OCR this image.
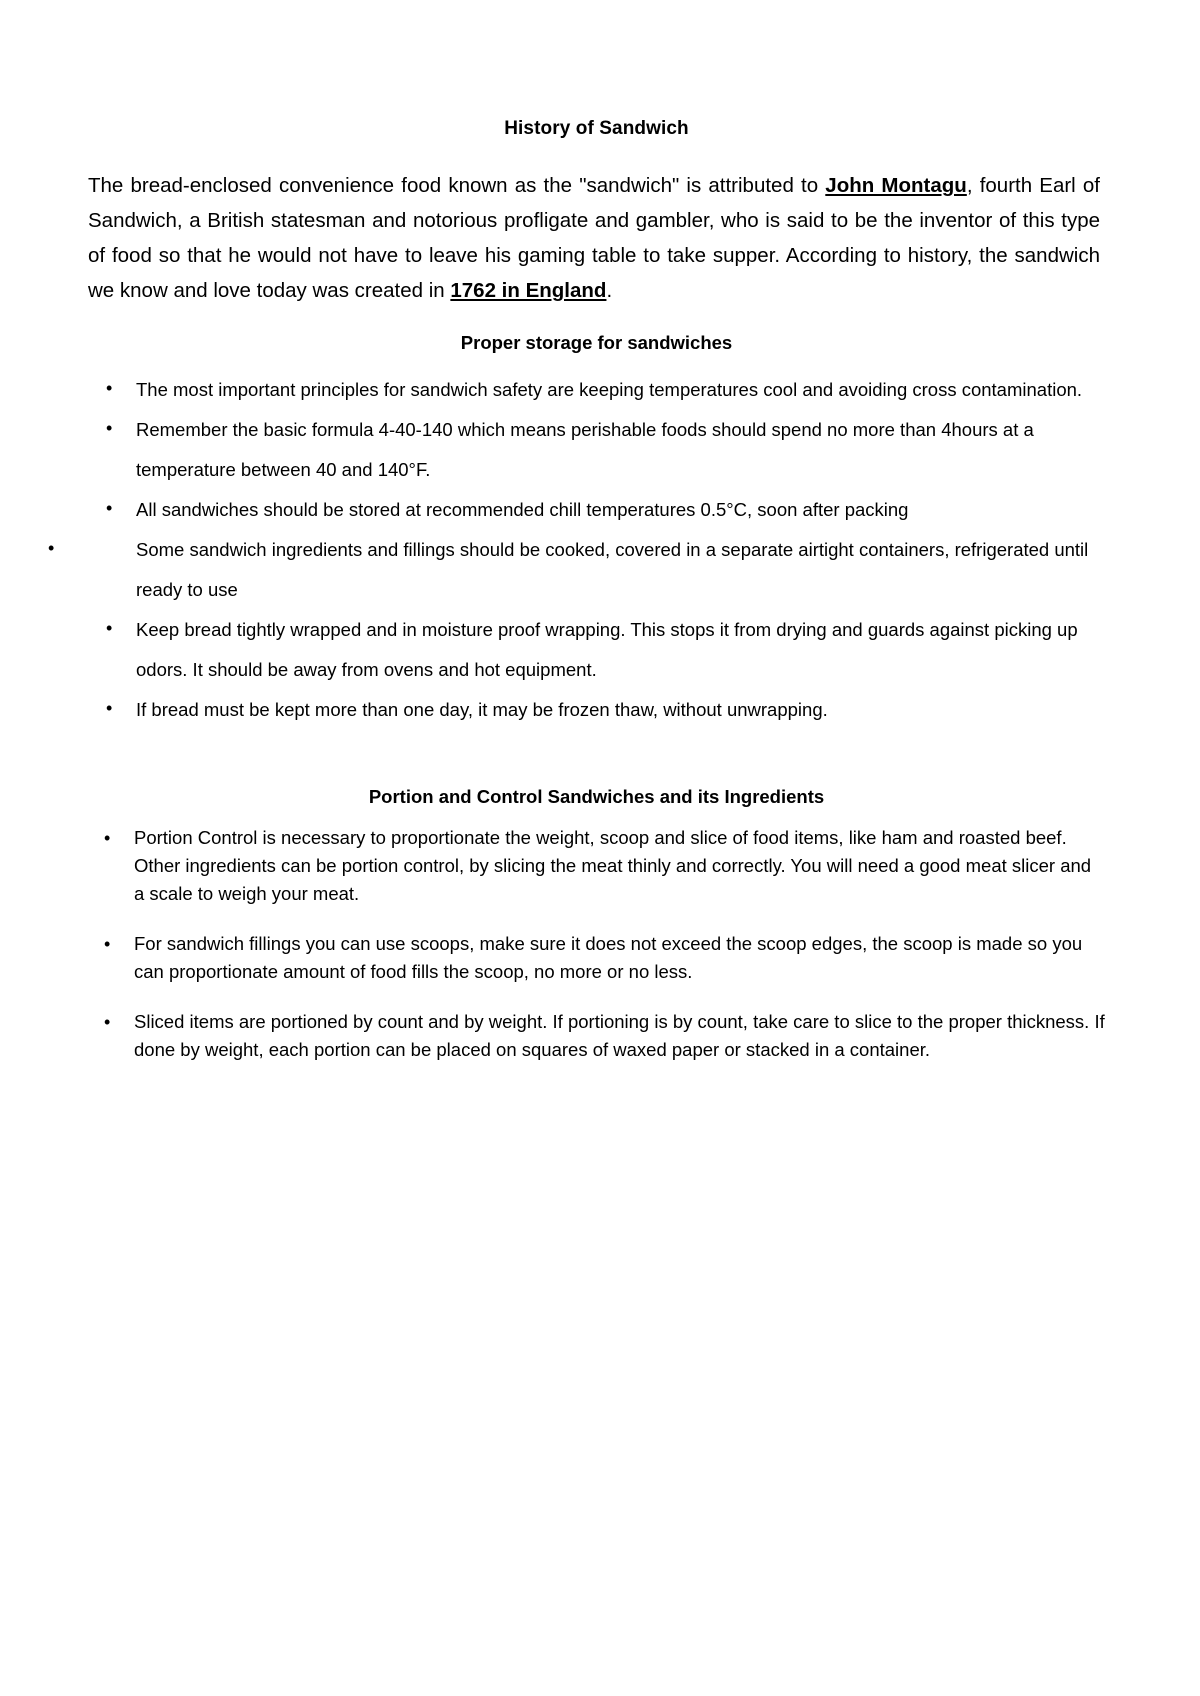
History of Sandwich

The bread-enclosed convenience food known as the "sandwich" is attributed to John Montagu, fourth Earl of Sandwich, a British statesman and notorious profligate and gambler, who is said to be the inventor of this type of food so that he would not have to leave his gaming table to take supper. According to history, the sandwich we know and love today was created in 1762 in England.

Proper storage for sandwiches
• The most important principles for sandwich safety are keeping temperatures cool and avoiding cross contamination.
• Remember the basic formula 4-40-140 which means perishable foods should spend no more than 4hours at a temperature between 40 and 140°F.
• All sandwiches should be stored at recommended chill temperatures 0.5°C, soon after packing
• Some sandwich ingredients and fillings should be cooked, covered in a separate airtight containers, refrigerated until ready to use
• Keep bread tightly wrapped and in moisture proof wrapping. This stops it from drying and guards against picking up odors. It should be away from ovens and hot equipment.
• If bread must be kept more than one day, it may be frozen thaw, without unwrapping.
Portion and Control Sandwiches and its Ingredients
• Portion Control is necessary to proportionate the weight, scoop and slice of food items, like ham and roasted beef. Other ingredients can be portion control, by slicing the meat thinly and correctly. You will need a good meat slicer and a scale to weigh your meat.
• For sandwich fillings you can use scoops, make sure it does not exceed the scoop edges, the scoop is made so you can proportionate amount of food fills the scoop, no more or no less.
• Sliced items are portioned by count and by weight. If portioning is by count, take care to slice to the proper thickness. If done by weight, each portion can be placed on squares of waxed paper or stacked in a container.
